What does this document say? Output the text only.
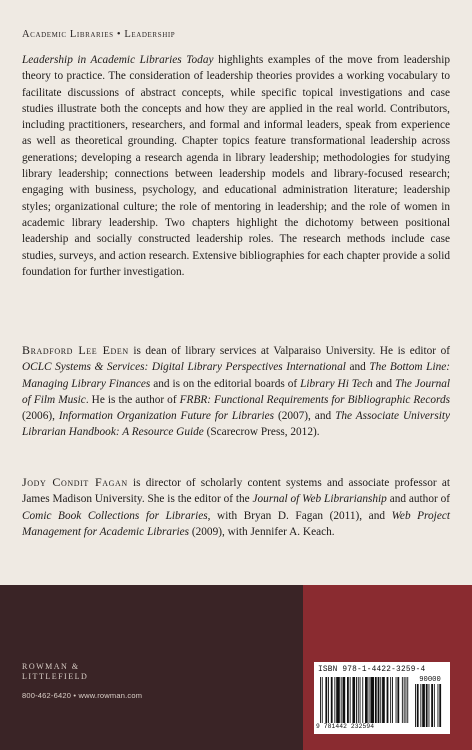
Academic Libraries • Leadership

Leadership in Academic Libraries Today highlights examples of the move from leadership theory to practice. The consideration of leadership theories provides a working vocabulary to facilitate discussions of abstract concepts, while specific topical investigations and case studies illustrate both the concepts and how they are applied in the real world. Contributors, including practitioners, researchers, and formal and informal leaders, speak from experience as well as theoretical grounding. Chapter topics feature transformational leadership across generations; developing a research agenda in library leadership; methodologies for studying library leadership; connections between leadership models and library-focused research; engaging with business, psychology, and educational administration literature; leadership styles; organizational culture; the role of mentoring in leadership; and the role of women in academic library leadership. Two chapters highlight the dichotomy between positional leadership and socially constructed leadership roles. The research methods include case studies, surveys, and action research. Extensive bibliographies for each chapter provide a solid foundation for further investigation.

Bradford Lee Eden is dean of library services at Valparaiso University. He is editor of OCLC Systems & Services: Digital Library Perspectives International and The Bottom Line: Managing Library Finances and is on the editorial boards of Library Hi Tech and The Journal of Film Music. He is the author of FRBR: Functional Requirements for Bibliographic Records (2006), Information Organization Future for Libraries (2007), and The Associate University Librarian Handbook: A Resource Guide (Scarecrow Press, 2012).

Jody Condit Fagan is director of scholarly content systems and associate professor at James Madison University. She is the editor of the Journal of Web Librarianship and author of Comic Book Collections for Libraries, with Bryan D. Fagan (2011), and Web Project Management for Academic Libraries (2009), with Jennifer A. Keach.

ROWMAN &
LITTLEFIELD
800-462-6420 • www.rowman.com
ISBN 978-1-4422-3259-4
90000
9 781442 232594
